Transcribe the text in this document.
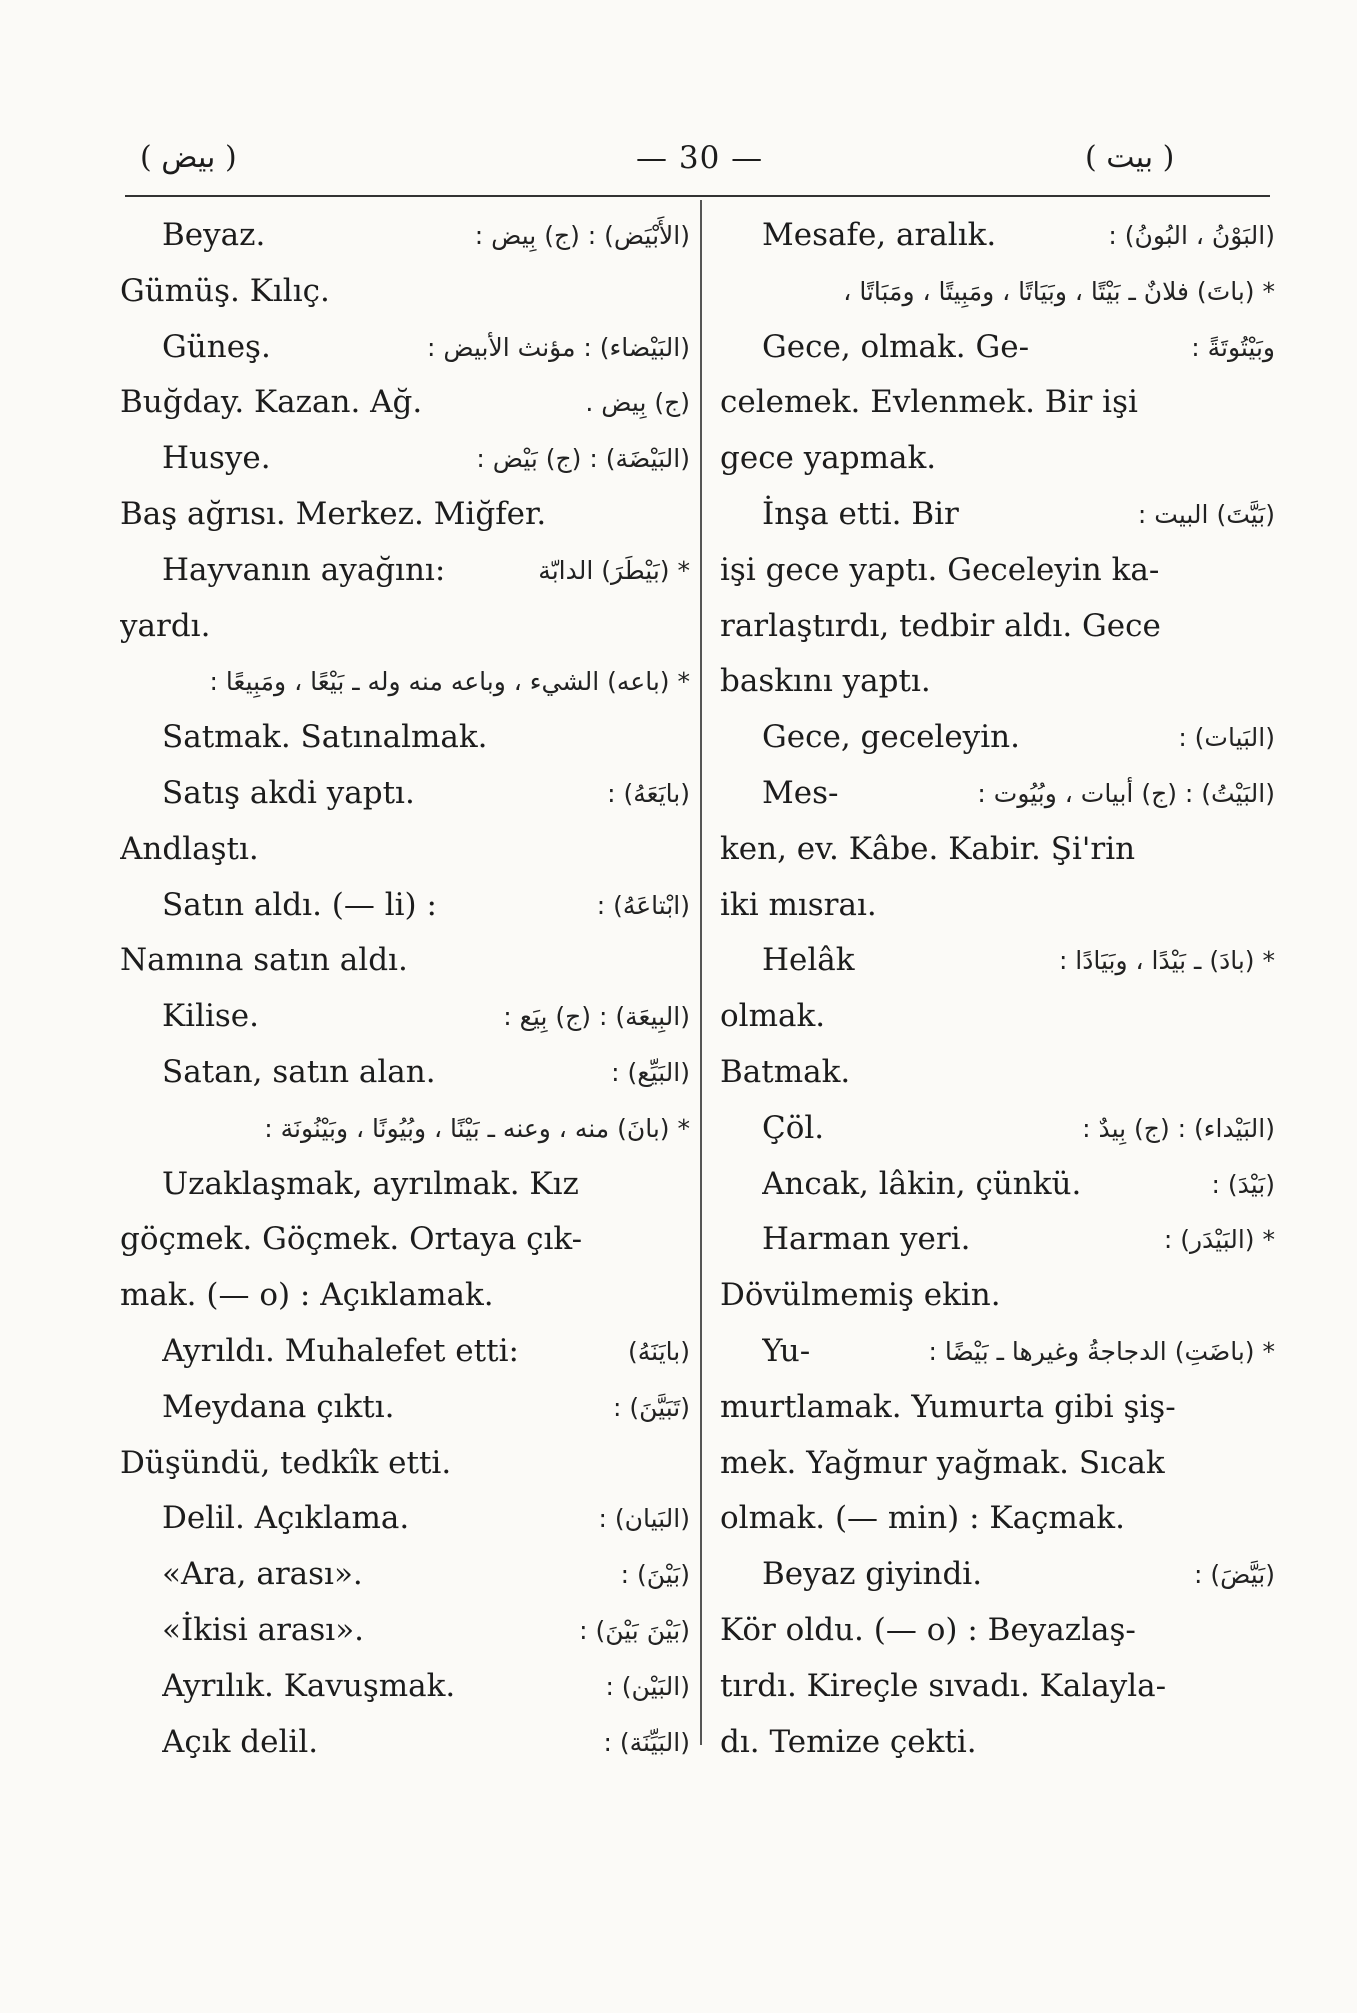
( بيض )	— 30 —	( بيت )
Beyaz.	(الأَبْيَض) : (ج) بِيض :
Gümüş. Kılıç.
Güneş.	(البَيْضاء) : مؤنث الأبيض :
Buğday. Kazan. Ağ.	(ج) بِيض .
Husye.	(البَيْضَة) : (ج) بَيْض :
Baş ağrısı. Merkez. Miğfer.
Hayvanın ayağını:	* (بَيْطَرَ) الدابّة
yardı.
* (باعه) الشيء ، وباعه منه وله ـ بَيْعًا ، ومَبِيعًا :
Satmak. Satınalmak.
Satış akdi yaptı.	(بايَعَهُ) :
Andlaştı.
Satın aldı. (— li) :	(ابْتاعَهُ) :
Namına satın aldı.
Kilise.	(البِيعَة) : (ج) بِيَع :
Satan, satın alan.	(البَيِّع) :
* (بانَ) منه ، وعنه ـ بَيْنًا ، وبُيُونًا ، وبَيْنُونَة :
Uzaklaşmak, ayrılmak. Kız
göçmek. Göçmek. Ortaya çık-
mak. (— o) : Açıklamak.
Ayrıldı. Muhalefet etti:	(بايَنَهُ)
Meydana çıktı.	(تَبَيَّنَ) :
Düşündü, tedkîk etti.
Delil. Açıklama.	(البَيان) :
«Ara, arası».	(بَيْنَ) :
«İkisi arası».	(بَيْنَ بَيْنَ) :
Ayrılık. Kavuşmak.	(البَيْن) :
Açık delil.	(البَيِّنَة) :
Mesafe, aralık.	(البَوْنُ ، البُونُ) :
* (باتَ) فلانٌ ـ بَيْتًا ، وبَيَاتًا ، ومَبِيتًا ، ومَبَاتًا ،
Gece, olmak. Ge-	وبَيْتُوتَةً :
celemek. Evlenmek. Bir işi
gece yapmak.
İnşa etti. Bir	(بَيَّتَ) البيت :
işi gece yaptı. Geceleyin ka-
rarlaştırdı, tedbir aldı. Gece
baskını yaptı.
Gece, geceleyin.	(البَيات) :
Mes-	(البَيْتُ) : (ج) أبيات ، وبُيُوت :
ken, ev. Kâbe. Kabir. Şi'rin
iki mısraı.
Helâk	* (بادَ) ـ بَيْدًا ، وبَيَادًا :
olmak.
Batmak.
Çöl.	(البَيْداء) : (ج) بِيدٌ :
Ancak, lâkin, çünkü.	(بَيْدَ) :
Harman yeri.	* (البَيْدَر) :
Dövülmemiş ekin.
Yu-	* (باضَتِ) الدجاجةُ وغيرها ـ بَيْضًا :
murtlamak. Yumurta gibi şiş-
mek. Yağmur yağmak. Sıcak
olmak. (— min) : Kaçmak.
Beyaz giyindi.	(بَيَّضَ) :
Kör oldu. (— o) : Beyazlaş-
tırdı. Kireçle sıvadı. Kalayla-
dı. Temize çekti.
